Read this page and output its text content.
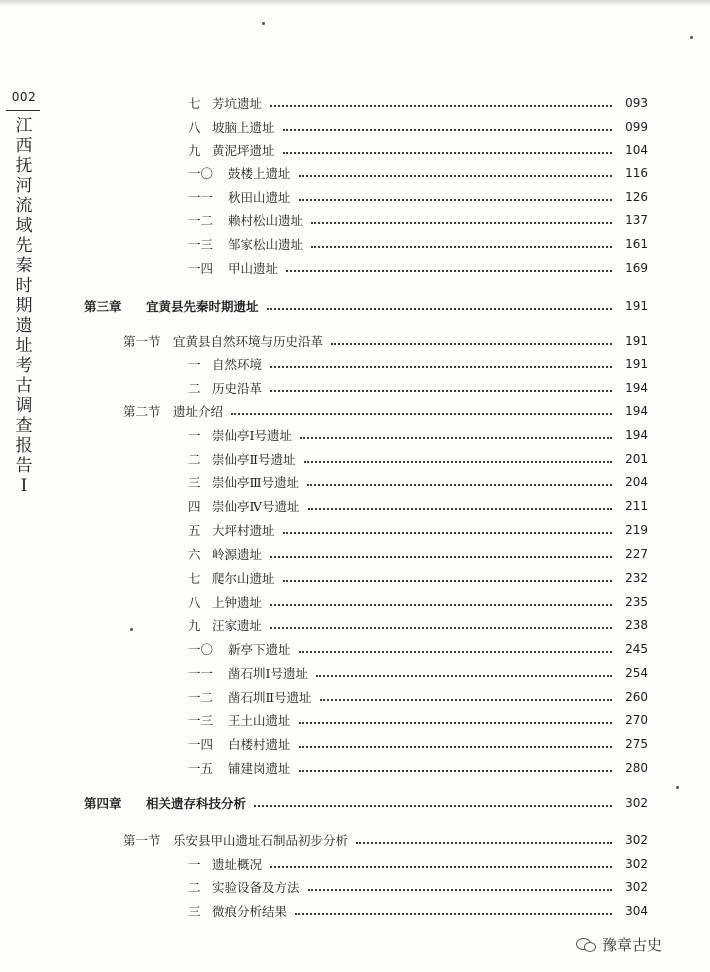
002
江西抚河流域先秦时期遗址考古调查报告Ⅰ
七 芳坑遗址	093
八 坡脑上遗址	099
九 黄泥坪遗址	104
一〇	鼓楼上遗址	116
一一	秋田山遗址	126
一二	赖村松山遗址	137
一三	邹家松山遗址	161
一四	甲山遗址	169
第三章	宜黄县先秦时期遗址	191
第一节 宜黄县自然环境与历史沿革	191
一 自然环境	191
二 历史沿革	194
第二节 遗址介绍	194
一 崇仙亭Ⅰ号遗址	194
二 崇仙亭Ⅱ号遗址	201
三 崇仙亭Ⅲ号遗址	204
四 崇仙亭Ⅳ号遗址	211
五 大坪村遗址	219
六 岭源遗址	227
七 爬尔山遗址	232
八 上钟遗址	235
九 汪家遗址	238
一〇	新亭下遗址	245
一一	凿石圳Ⅰ号遗址	254
一二	凿石圳Ⅱ号遗址	260
一三	王土山遗址	270
一四	白楼村遗址	275
一五	铺建岗遗址	280
第四章	相关遗存科技分析	302
第一节 乐安县甲山遗址石制品初步分析	302
一 遗址概况	302
二 实验设备及方法	302
三 微痕分析结果	304
豫章古史
